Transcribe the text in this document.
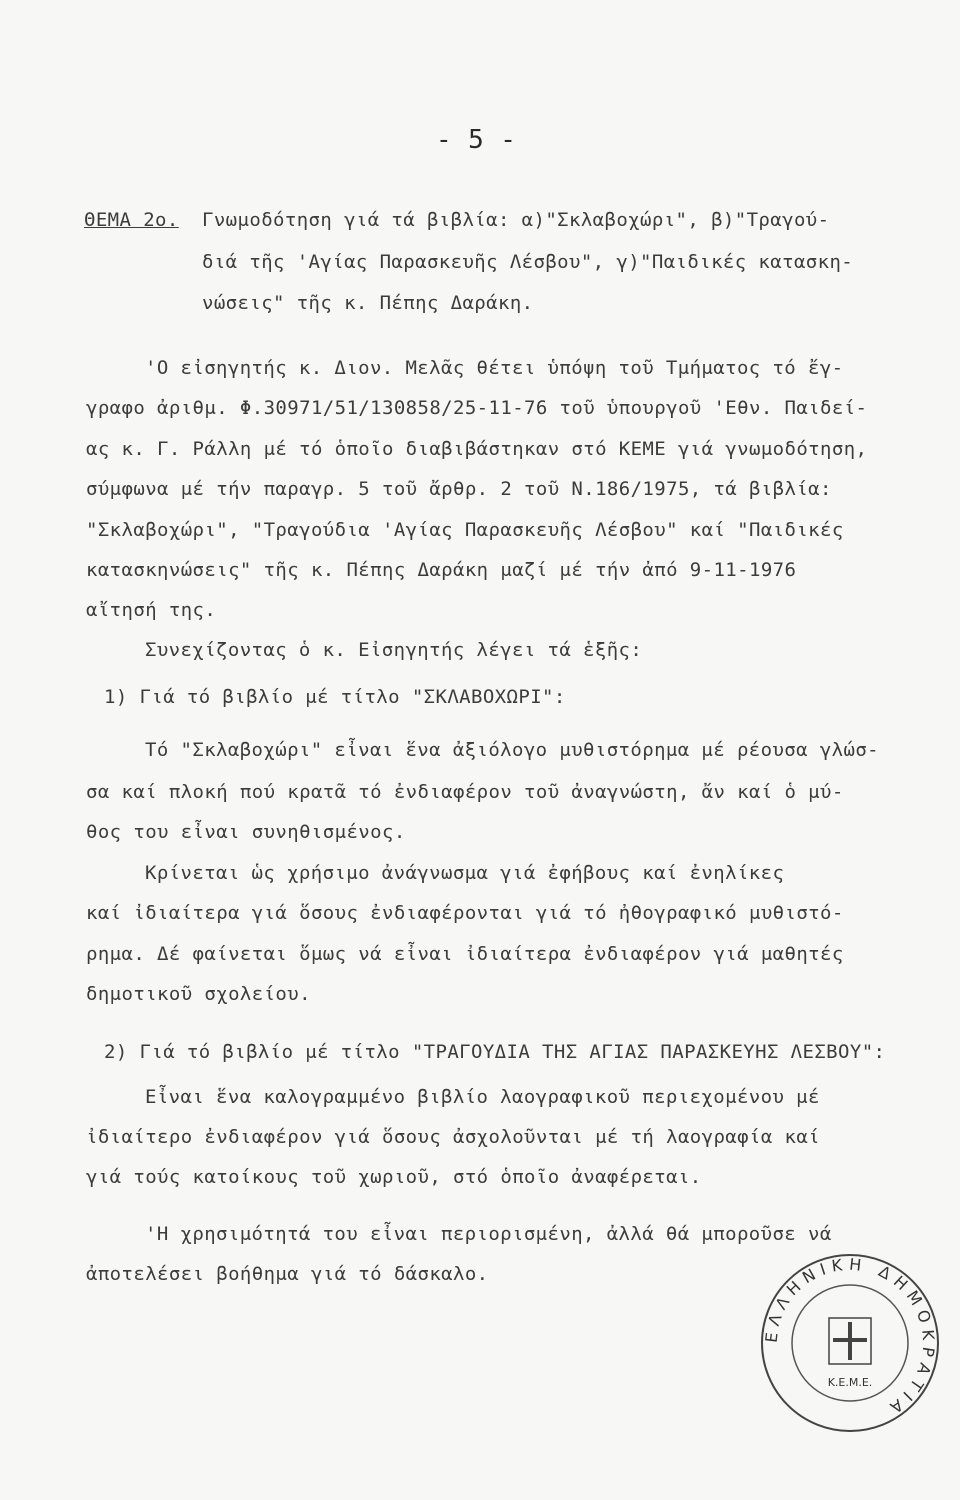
- 5 -
ΘΕΜΑ 2ο. Γνωμοδότηση γιά τά βιβλία: α)"Σκλαβοχώρι", β)"Τραγού-
διά τῆς 'Αγίας Παρασκευῆς Λέσβου", γ)"Παιδικές κατασκη-
νώσεις" τῆς κ. Πέπης Δαράκη.
'Ο εἰσηγητής κ. Διον. Μελᾶς θέτει ὑπόψη τοῦ Τμήματος τό ἔγ-
γραφο ἀριθμ. Φ.30971/51/130858/25-11-76 τοῦ ὑπουργοῦ 'Εθν. Παιδεί-
ας κ. Γ. Ράλλη μέ τό ὁποῖο διαβιβάστηκαν στό ΚΕΜΕ γιά γνωμοδότηση,
σύμφωνα μέ τήν παραγρ. 5 τοῦ ἄρθρ. 2 τοῦ Ν.186/1975, τά βιβλία:
"Σκλαβοχώρι", "Τραγούδια 'Αγίας Παρασκευῆς Λέσβου" καί "Παιδικές
κατασκηνώσεις" τῆς κ. Πέπης Δαράκη μαζί μέ τήν ἀπό 9-11-1976
αἴτησή της.
Συνεχίζοντας ὁ κ. Εἰσηγητής λέγει τά ἑξῆς:
1) Γιά τό βιβλίο μέ τίτλο "ΣΚΛΑΒΟΧΩΡΙ":
Τό "Σκλαβοχώρι" εἶναι ἕνα ἀξιόλογο μυθιστόρημα μέ ρέουσα γλώσ-
σα καί πλοκή πού κρατᾶ τό ἐνδιαφέρον τοῦ ἀναγνώστη, ἄν καί ὁ μύ-
θος του εἶναι συνηθισμένος.
Κρίνεται ὡς χρήσιμο ἀνάγνωσμα γιά ἐφήβους καί ἐνηλίκες
καί ἰδιαίτερα γιά ὅσους ἐνδιαφέρονται γιά τό ἠθογραφικό μυθιστό-
ρημα. Δέ φαίνεται ὅμως νά εἶναι ἰδιαίτερα ἐνδιαφέρον γιά μαθητές
δημοτικοῦ σχολείου.
2) Γιά τό βιβλίο μέ τίτλο "ΤΡΑΓΟΥΔΙΑ ΤΗΣ ΑΓΙΑΣ ΠΑΡΑΣΚΕΥΗΣ ΛΕΣΒΟΥ":
Εἶναι ἕνα καλογραμμένο βιβλίο λαογραφικοῦ περιεχομένου μέ
ἰδιαίτερο ἐνδιαφέρον γιά ὅσους ἀσχολοῦνται μέ τή λαογραφία καί
γιά τούς κατοίκους τοῦ χωριοῦ, στό ὁποῖο ἀναφέρεται.
'Η χρησιμότητά του εἶναι περιορισμένη, ἀλλά θά μποροῦσε νά
ἀποτελέσει βοήθημα γιά τό δάσκαλο.
ΕΛΛΗΝΙΚΗ ΔΗΜΟΚΡΑΤΙΑ
Κ.Ε.Μ.Ε.
